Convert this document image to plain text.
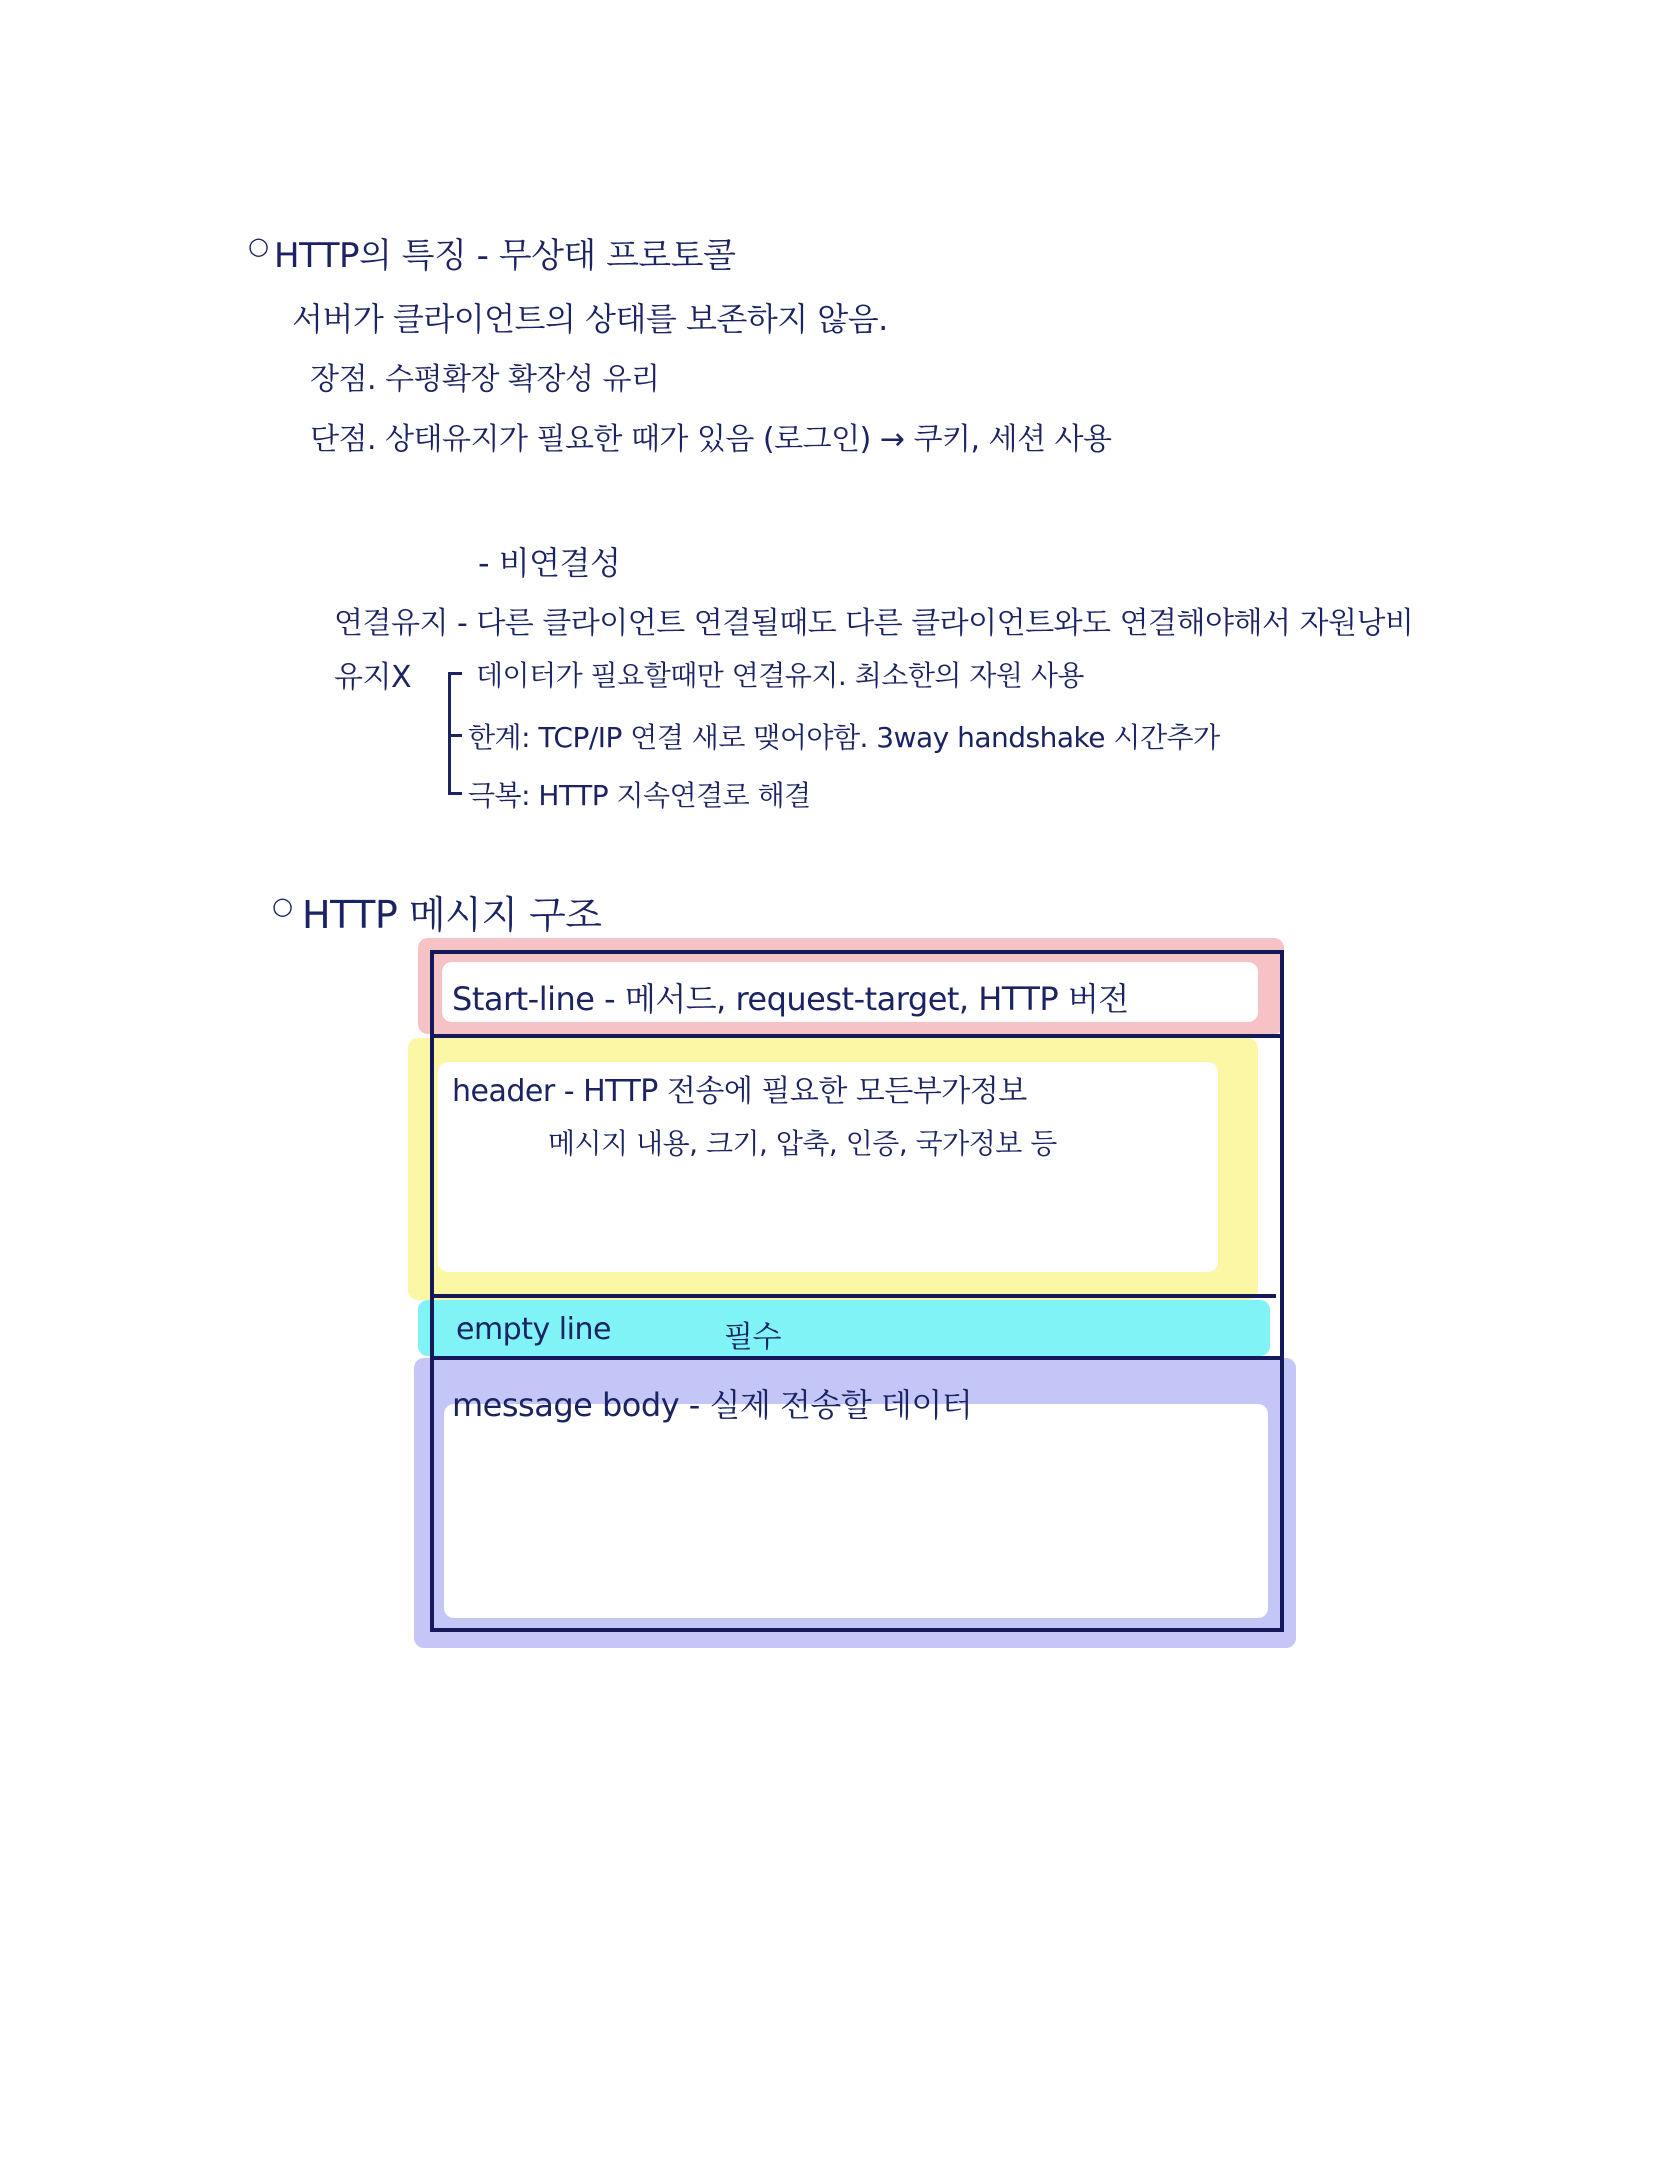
○ HTTP의 특징 - 무상태 프로토콜
서버가 클라이언트의 상태를 보존하지 않음.
장점. 수평확장 확장성 유리
단점. 상태유지가 필요한 때가 있음 (로그인) → 쿠키, 세션 사용
- 비연결성
연결유지 - 다른 클라이언트 연결될때도 다른 클라이언트와도 연결해야해서 자원낭비
유지X 데이터가 필요할때만 연결유지. 최소한의 자원 사용
한계: TCP/IP 연결 새로 맺어야함. 3way handshake 시간추가
극복: HTTP 지속연결로 해결
○ HTTP 메시지 구조
Start-line - 메서드, request-target, HTTP 버전
header - HTTP 전송에 필요한 모든부가정보
메시지 내용, 크기, 압축, 인증, 국가정보 등
empty line	필수
message body - 실제 전송할 데이터
